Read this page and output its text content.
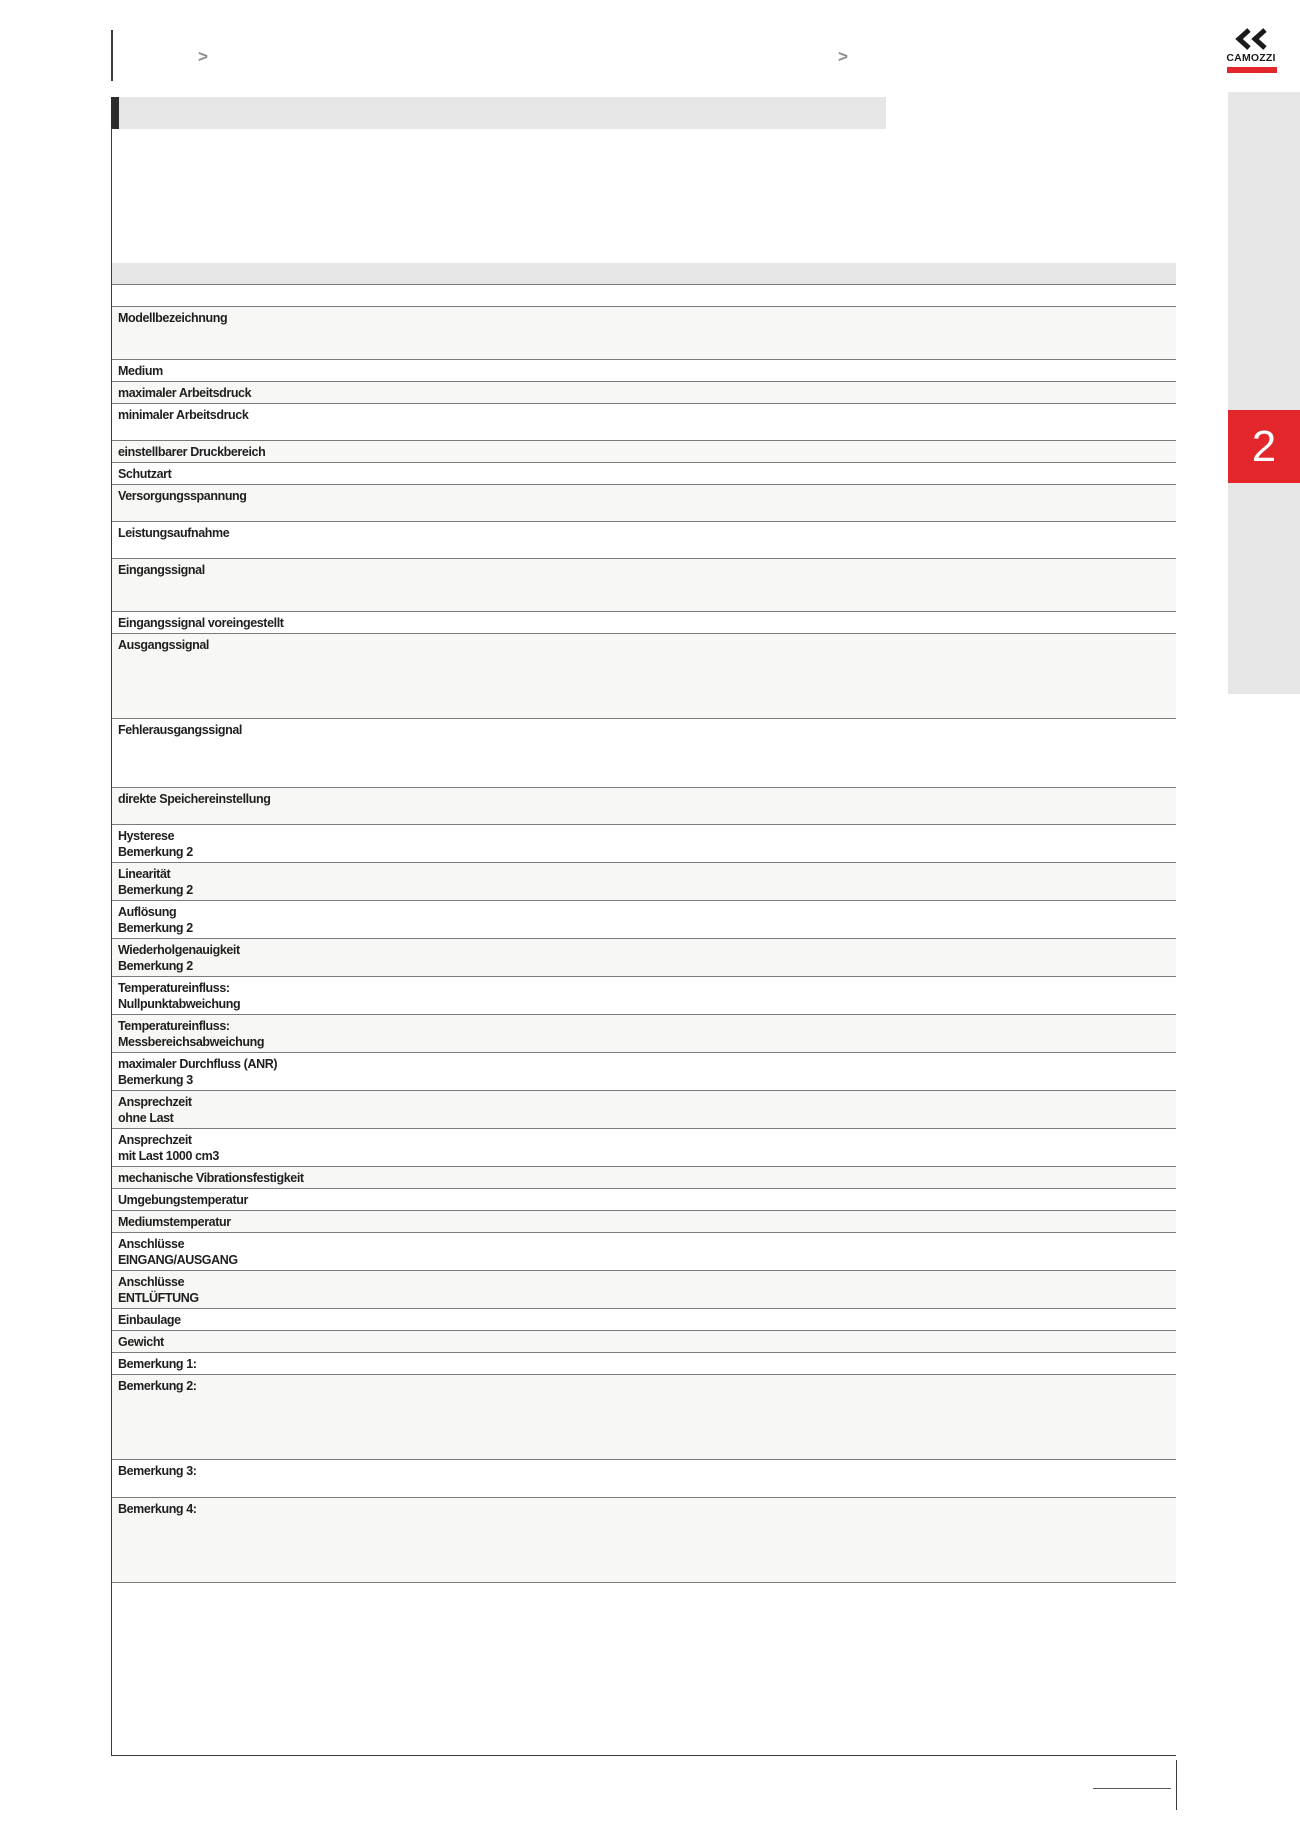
>	>	CAMOZZI
2
Modellbezeichnung
Medium
maximaler Arbeitsdruck
minimaler Arbeitsdruck
einstellbarer Druckbereich
Schutzart
Versorgungsspannung
Leistungsaufnahme
Eingangssignal
Eingangssignal voreingestellt
Ausgangssignal
Fehlerausgangssignal
direkte Speichereinstellung
Hysterese
Bemerkung 2
Linearität
Bemerkung 2
Auflösung
Bemerkung 2
Wiederholgenauigkeit
Bemerkung 2
Temperatureinfluss:
Nullpunktabweichung
Temperatureinfluss:
Messbereichsabweichung
maximaler Durchfluss (ANR)
Bemerkung 3
Ansprechzeit
ohne Last
Ansprechzeit
mit Last 1000 cm3
mechanische Vibrationsfestigkeit
Umgebungstemperatur
Mediumstemperatur
Anschlüsse
EINGANG/AUSGANG
Anschlüsse
ENTLÜFTUNG
Einbaulage
Gewicht
Bemerkung 1:
Bemerkung 2:
Bemerkung 3:
Bemerkung 4:
